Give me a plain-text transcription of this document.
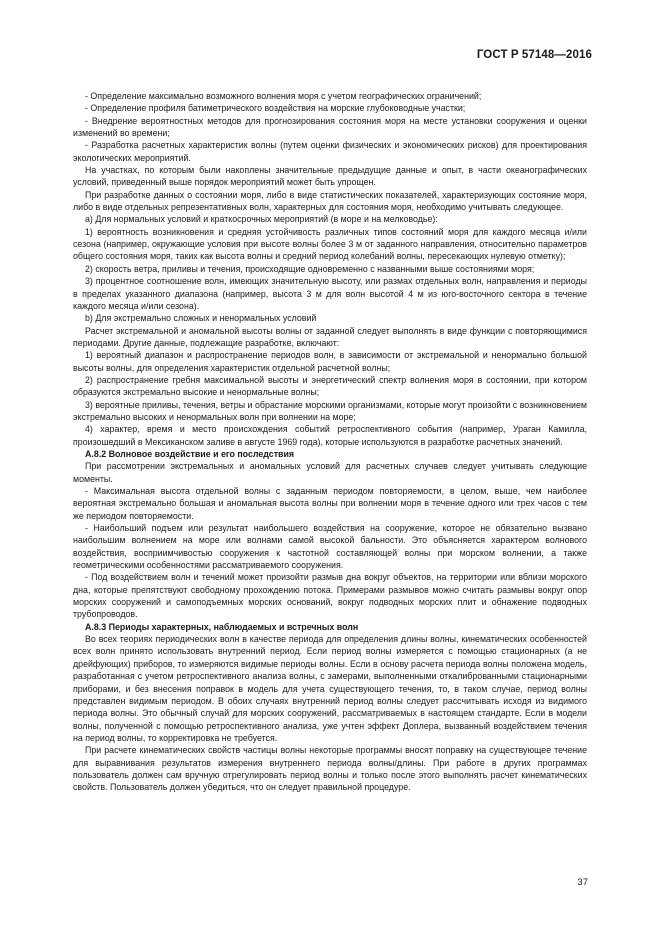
ГОСТ Р 57148—2016

- Определение максимально возможного волнения моря с учетом географических ограничений;

- Определение профиля батиметрического воздействия на морские глубоководные участки;

- Внедрение вероятностных методов для прогнозирования состояния моря на месте установки сооружения и оценки изменений во времени;

- Разработка расчетных характеристик волны (путем оценки физических и экономических рисков) для проектирования экологических мероприятий.

На участках, по которым были накоплены значительные предыдущие данные и опыт, в части океанографических условий, приведенный выше порядок мероприятий может быть упрощен.

При разработке данных о состоянии моря, либо в виде статистических показателей, характеризующих состояние моря, либо в виде отдельных репрезентативных волн, характерных для состояния моря, необходимо учитывать следующее.

а) Для нормальных условий и краткосрочных мероприятий (в море и на мелководье):

1) вероятность возникновения и средняя устойчивость различных типов состояний моря для каждого месяца и/или сезона (например, окружающие условия при высоте волны более 3 м от заданного направления, относительно параметров общего состояния моря, таких как высота волны и средний период колебаний волны, пересекающих нулевую отметку);

2) скорость ветра, приливы и течения, происходящие одновременно с названными выше состояниями моря;

3) процентное соотношение волн, имеющих значительную высоту, или размах отдельных волн, направления и периоды в пределах указанного диапазона (например, высота 3 м для волн высотой 4 м из юго-восточного сектора в течение каждого месяца и/или сезона).

b) Для экстремально сложных и ненормальных условий

Расчет экстремальной и аномальной высоты волны от заданной следует выполнять в виде функции с повторяющимися периодами. Другие данные, подлежащие разработке, включают:

1) вероятный диапазон и распространение периодов волн, в зависимости от экстремальной и ненормально большой высоты волны, для определения характеристик отдельной расчетной волны;

2) распространение гребня максимальной высоты и энергетический спектр волнения моря в состоянии, при котором образуются экстремально высокие и ненормальные волны;

3) вероятные приливы, течения, ветры и обрастание морскими организмами, которые могут произойти с возникновением экстремально высоких и ненормальных волн при волнении на море;

4) характер, время и место происхождения событий ретроспективного события (например, Ураган Камилла, произошедший в Мексиканском заливе в августе 1969 года), которые используются в разработке расчетных значений.

А.8.2 Волновое воздействие и его последствия

При рассмотрении экстремальных и аномальных условий для расчетных случаев следует учитывать следующие моменты.

- Максимальная высота отдельной волны с заданным периодом повторяемости, в целом, выше, чем наиболее вероятная экстремально большая и аномальная высота волны при волнении моря в течение одного или трех часов с тем же периодом повторяемости.

- Наибольший подъем или результат наибольшего воздействия на сооружение, которое не обязательно вызвано наибольшим волнением на море или волнами самой высокой бальности. Это объясняется характером волнового воздействия, восприимчивостью сооружения к частотной составляющей волны при морском волнении, а также геометрическими особенностями рассматриваемого сооружения.

- Под воздействием волн и течений может произойти размыв дна вокруг объектов, на территории или вблизи морского дна, которые препятствуют свободному прохождению потока. Примерами размывов можно считать размывы вокруг опор морских сооружений и самоподъемных морских оснований, вокруг подводных морских плит и обнажение подводных трубопроводов.

А.8.3 Периоды характерных, наблюдаемых и встречных волн

Во всех теориях периодических волн в качестве периода для определения длины волны, кинематических особенностей всех волн принято использовать внутренний период. Если период волны измеряется с помощью стационарных (а не дрейфующих) приборов, то измеряются видимые периоды волны. Если в основу расчета периода волны положена модель, разработанная с учетом ретроспективного анализа волны, с замерами, выполненными откалиброванными стационарными приборами, и без внесения поправок в модель для учета существующего течения, то, в таком случае, период волны представлен видимым периодом. В обоих случаях внутренний период волны следует рассчитывать исходя из видимого периода волны. Это обычный случай для морских сооружений, рассматриваемых в настоящем стандарте. Если в модели волны, полученной с помощью ретроспективного анализа, уже учтен эффект Доплера, вызванный воздействием течения на период волны, то корректировка не требуется.

При расчете кинематических свойств частицы волны некоторые программы вносят поправку на существующее течение для выравнивания результатов измерения внутреннего периода волны/длины. При работе в других программах пользователь должен сам вручную отрегулировать период волны и только после этого выполнять расчет кинематических свойств. Пользователь должен убедиться, что он следует правильной процедуре.

37
